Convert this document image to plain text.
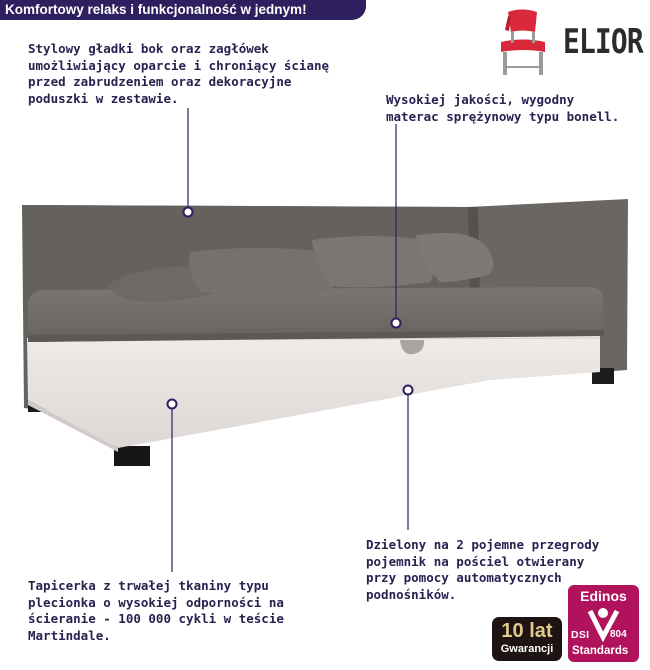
Komfortowy relaks i funkcjonalność w jednym!
ELIOR
Stylowy gładki bok oraz zagłówek
umożliwiający oparcie i chroniący ścianę
przed zabrudzeniem oraz dekoracyjne
poduszki w zestawie.	Wysokiej jakości, wygodny
materac sprężynowy typu bonell.
Dzielony na 2 pojemne przegrody
pojemnik na pościel otwierany
przy pomocy automatycznych
podnośników.
Tapicerka z trwałej tkaniny typu
plecionka o wysokiej odporności na
ścieranie - 100 000 cykli w teście
Martindale.	10 lat
Gwarancji
Edinos
DSI 804
Standards
